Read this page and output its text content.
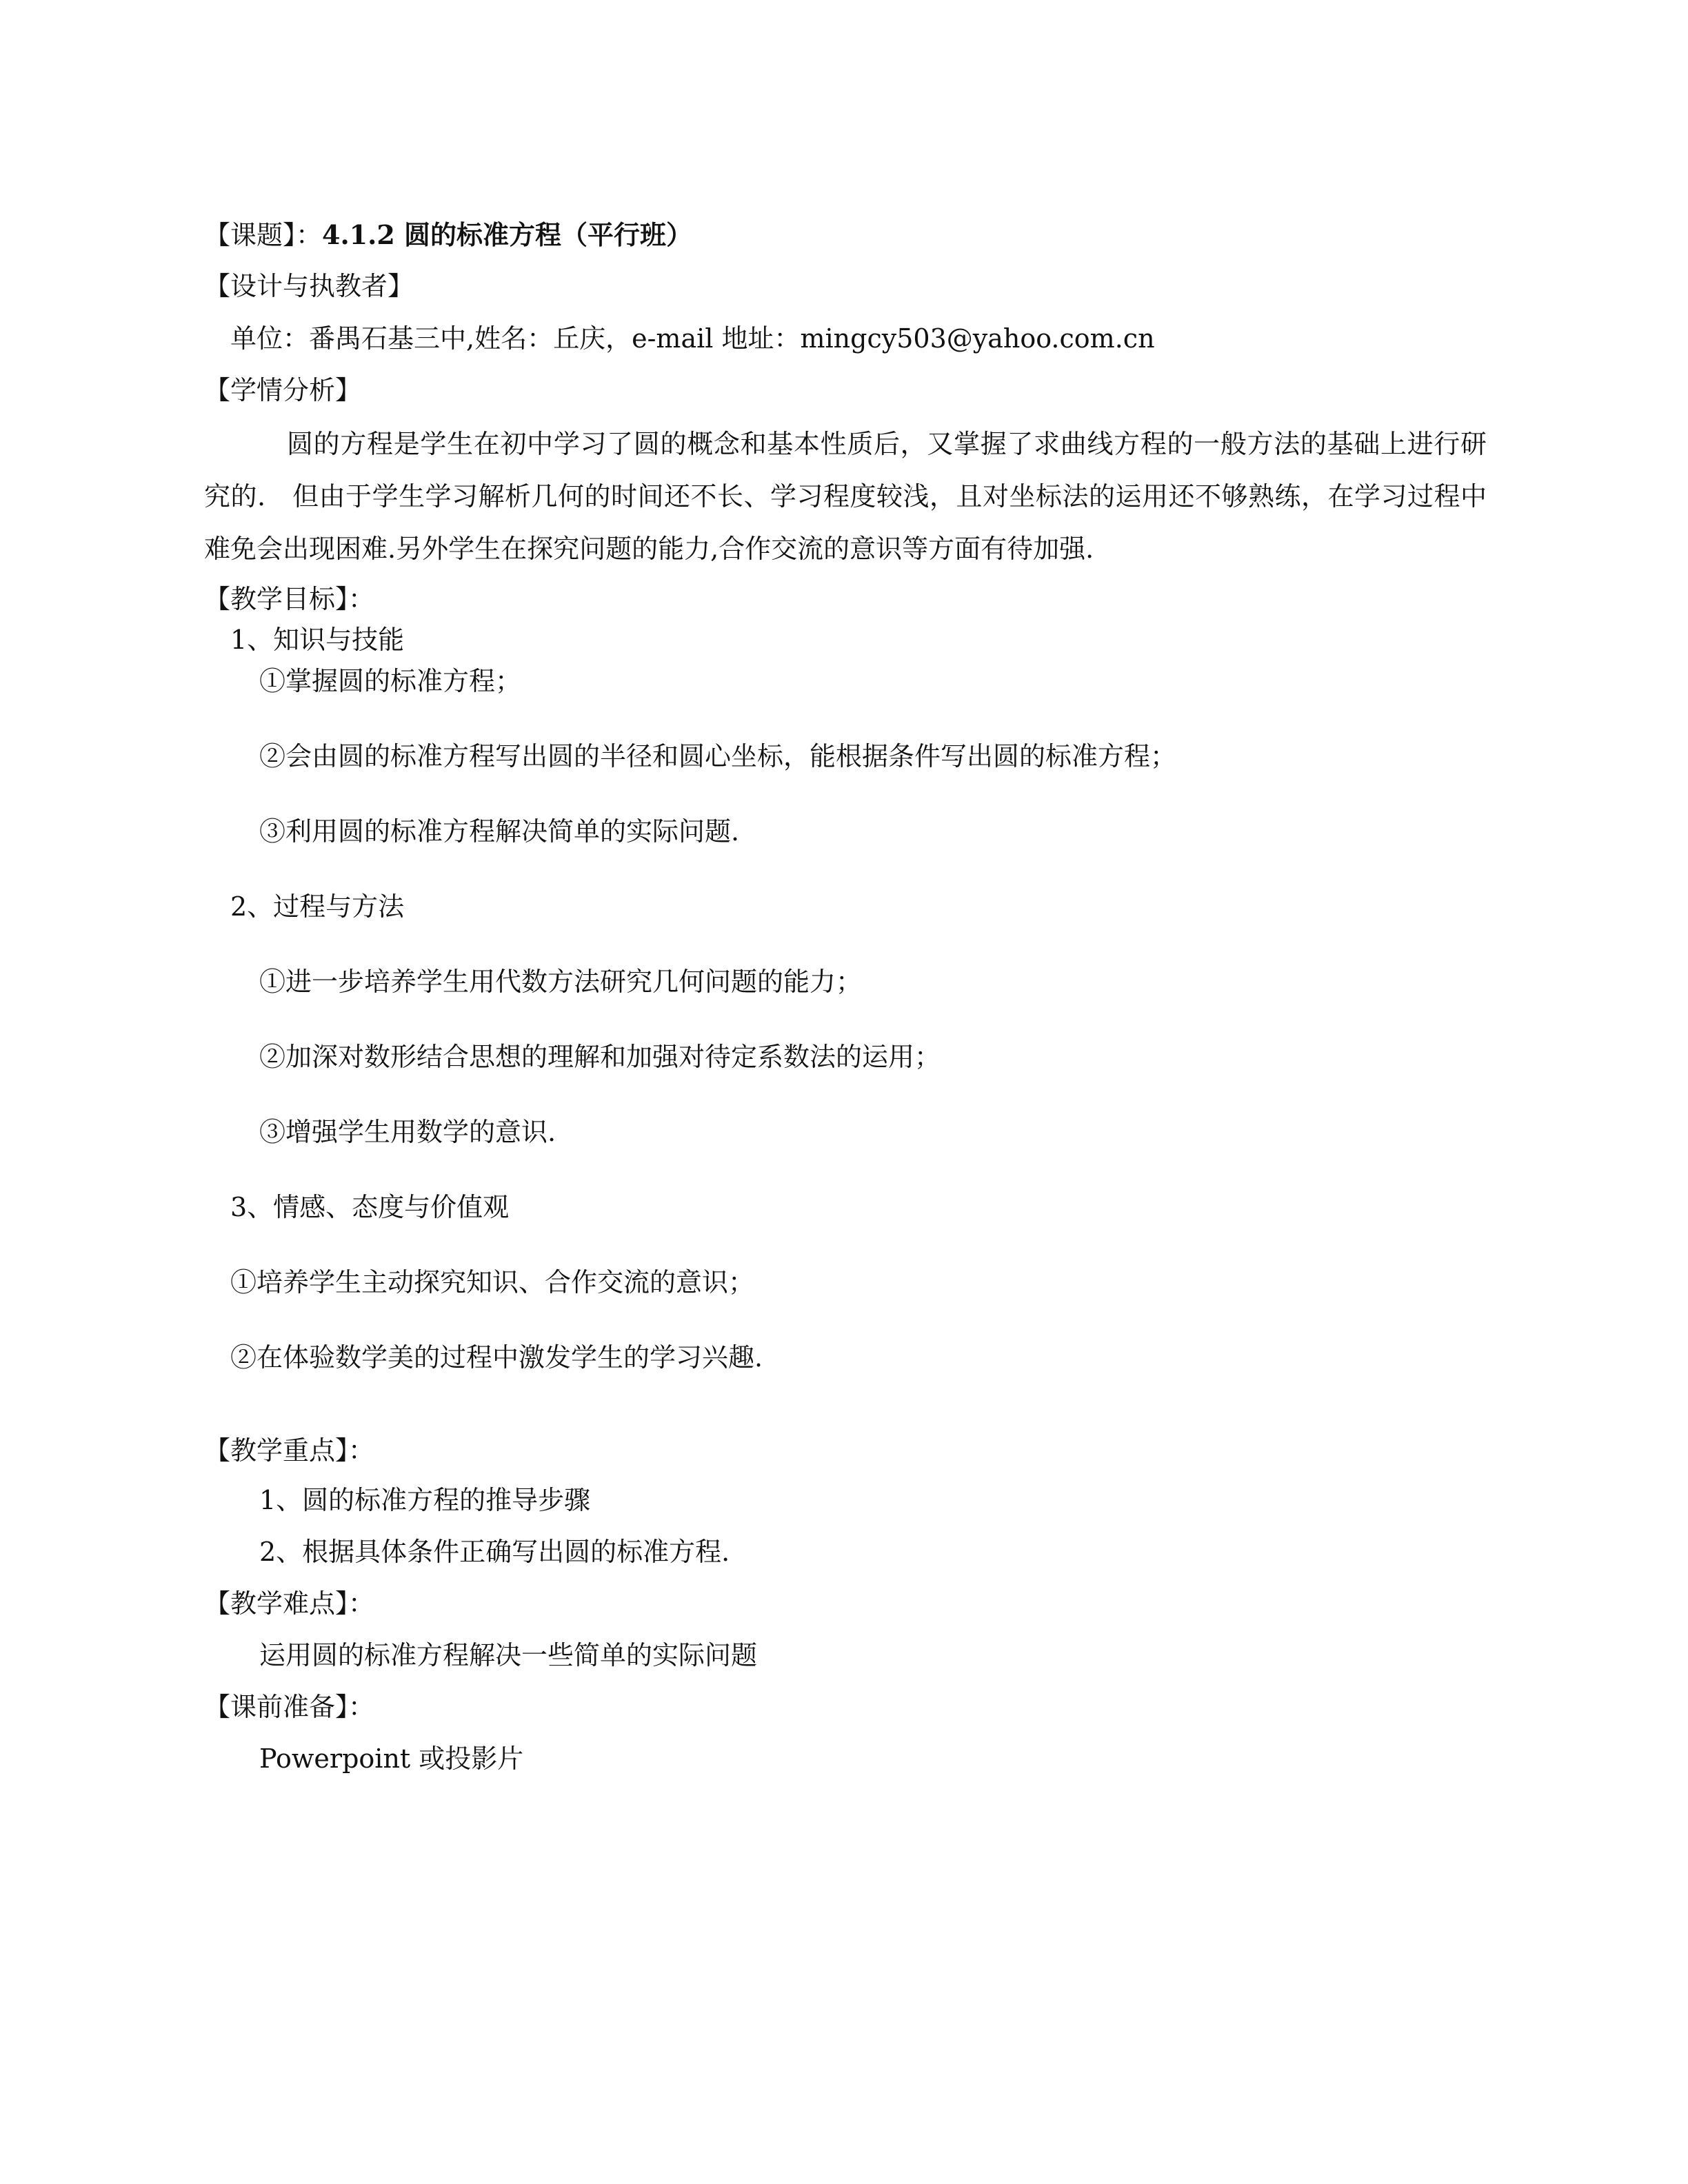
【课题】：4.1.2 圆的标准方程（平行班）
【设计与执教者】
单位：番禺石基三中,姓名：丘庆，e-mail 地址：mingcy503@yahoo.com.cn
【学情分析】
圆的方程是学生在初中学习了圆的概念和基本性质后，又掌握了求曲线方程的一般方法的基础上进行研究的.　但由于学生学习解析几何的时间还不长、学习程度较浅，且对坐标法的运用还不够熟练，在学习过程中难免会出现困难.另外学生在探究问题的能力,合作交流的意识等方面有待加强.
【教学目标】：
1、知识与技能
①掌握圆的标准方程；
②会由圆的标准方程写出圆的半径和圆心坐标，能根据条件写出圆的标准方程；
③利用圆的标准方程解决简单的实际问题.
2、过程与方法
①进一步培养学生用代数方法研究几何问题的能力；
②加深对数形结合思想的理解和加强对待定系数法的运用；
③增强学生用数学的意识.
3、情感、态度与价值观
①培养学生主动探究知识、合作交流的意识；
②在体验数学美的过程中激发学生的学习兴趣.
【教学重点】：
1、圆的标准方程的推导步骤
2、根据具体条件正确写出圆的标准方程.
【教学难点】：
运用圆的标准方程解决一些简单的实际问题
【课前准备】：
Powerpoint 或投影片
